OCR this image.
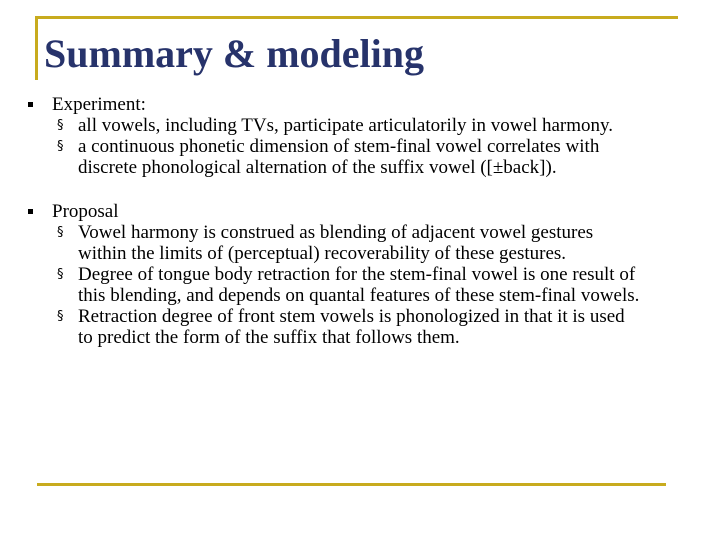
Summary & modeling
Experiment:
§ all vowels, including TVs, participate articulatorily in vowel harmony.
§ a continuous phonetic dimension of stem-final vowel correlates with discrete phonological alternation of the suffix vowel ([±back]).
Proposal
§ Vowel harmony is construed as blending of adjacent vowel gestures within the limits of (perceptual) recoverability of these gestures.
§ Degree of tongue body retraction for the stem-final vowel is one result of this blending, and depends on quantal features of these stem-final vowels.
§ Retraction degree of front stem vowels is phonologized in that it is used to predict the form of the suffix that follows them.
